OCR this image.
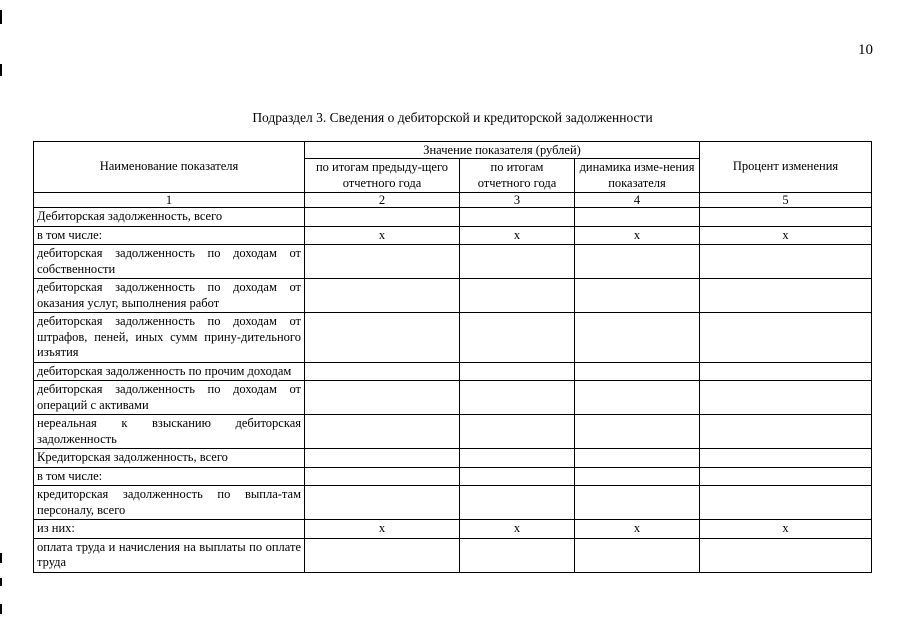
10
Подраздел 3. Сведения о дебиторской и кредиторской задолженности
Наименование показателя	Значение показателя (рублей)			Процент изменения
	по итогам предыду-щего отчетного года	по итогам отчетного года	динамика изме-нения показателя	
1	2	3	4	5
Дебиторская задолженность, всего				
в том числе:	x	x	x	x
дебиторская задолженность по доходам от собственности				
дебиторская задолженность по доходам от оказания услуг, выполнения работ				
дебиторская задолженность по доходам от штрафов, пеней, иных сумм прину-дительного изъятия				
дебиторская задолженность по прочим доходам				
дебиторская задолженность по доходам от операций с активами				
нереальная к взысканию дебиторская задолженность				
Кредиторская задолженность, всего				
в том числе:				
кредиторская задолженность по выпла-там персоналу, всего				
из них:	x	x	x	x
оплата труда и начисления на выплаты по оплате труда				
